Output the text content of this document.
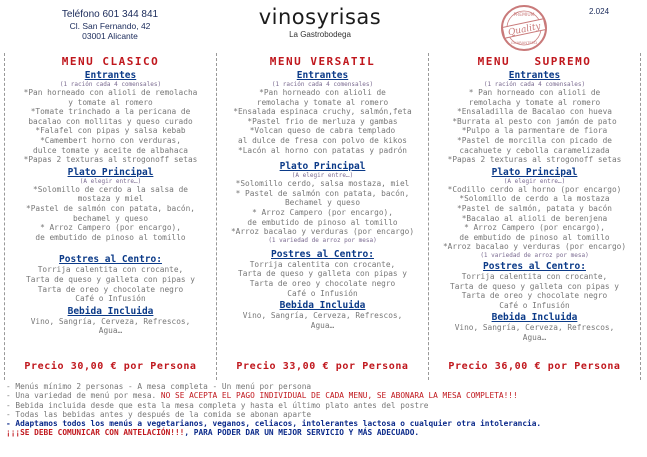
Teléfono 601 344 841
Cl. San Fernando, 42
03001 Alicante
vinosyrisas
La Gastrobodega
PREMIUM
Quality
GUARANTEED
2.024
MENU CLASICO
Entrantes
(1 ración cada 4 comensales)
*Pan horneado con alioli de remolacha
y tomate al romero
*Tomate trinchado a la pericana de
bacalao con mollitas y queso curado
*Falafel con pipas y salsa kebab
*Camembert horno con verduras,
dulce tomate y aceite de albahaca
*Papas 2 texturas al strogonoff setas
Plato Principal
(A elegir entre…)
*Solomillo de cerdo a la salsa de
mostaza y miel
*Pastel de salmón con patata, bacón,
bechamel y queso
* Arroz Campero (por encargo),
de embutido de pinoso al tomillo
Postres al Centro:
Torrija calentita con crocante,
Tarta de queso y galleta con pipas y
Tarta de oreo y chocolate negro
Café o Infusión
Bebida Incluida
Vino, Sangría, Cerveza, Refrescos,
Agua…
Precio 30,00 € por Persona
MENU VERSATIL
Entrantes
(1 ración cada 4 comensales)
*Pan horneado con alioli de
remolacha y tomate al romero
*Ensalada espinaca cruchy, salmón,feta
*Pastel frio de merluza y gambas
*Volcan queso de cabra templado
al dulce de fresa con polvo de kikos
*Lacón al horno con patatas y padrón
Plato Principal
(A elegir entre…)
*Solomillo cerdo, salsa mostaza, miel
* Pastel de salmón con patata, bacón,
Bechamel y queso
* Arroz Campero (por encargo),
de embutido de pinoso al tomillo
*Arroz bacalao y verduras (por encargo)
(1 variedad de arroz por mesa)
Postres al Centro:
Torrija calentita con crocante,
Tarta de queso y galleta con pipas y
Tarta de oreo y chocolate negro
Café o Infusión
Bebida Incluida
Vino, Sangría, Cerveza, Refrescos,
Agua…
Precio 33,00 € por Persona
MENU   SUPREMO
Entrantes
(1 ración cada 4 comensales)
* Pan horneado con alioli de
remolacha y tomate al romero
*Ensaladilla de Bacalao con hueva
*Burrata al pesto con jamón de pato
*Pulpo a la parmentare de fiora
*Pastel de morcilla con picado de
cacahuete y cebolla caramelizada
*Papas 2 texturas al strogonoff setas
Plato Principal
(A elegir entre…)
*Codillo cerdo al horno (por encargo)
*Solomillo de cerdo a la mostaza
*Pastel de salmón, patata y bacón
*Bacalao al alioli de berenjena
* Arroz Campero (por encargo),
de embutido de pinoso al tomillo
*Arroz bacalao y verduras (por encargo)
(1 variedad de arroz por mesa)
Postres al Centro:
Torrija calentita con crocante,
Tarta de queso y galleta con pipas y
Tarta de oreo y chocolate negro
Café o Infusión
Bebida Incluida
Vino, Sangría, Cerveza, Refrescos,
Agua…
Precio 36,00 € por Persona
- Menús mínimo 2 personas - A mesa completa - Un menú por persona
- Una variedad de menú por mesa. NO SE ACEPTA EL PAGO INDIVIDUAL DE CADA MENU, SE ABONARA LA MESA COMPLETA!!!
- Bebida incluida desde que esta la mesa completa y hasta el último plato antes del postre
- Todas las bebidas antes y después de la comida se abonan aparte
- Adaptamos todos los menús a vegetarianos, veganos, celiacos, intolerantes lactosa o cualquier otra intolerancia.
¡¡¡SE DEBE COMUNICAR CON ANTELACIÓN!!!, PARA PODER DAR UN MEJOR SERVICIO Y MÁS ADECUADO.
